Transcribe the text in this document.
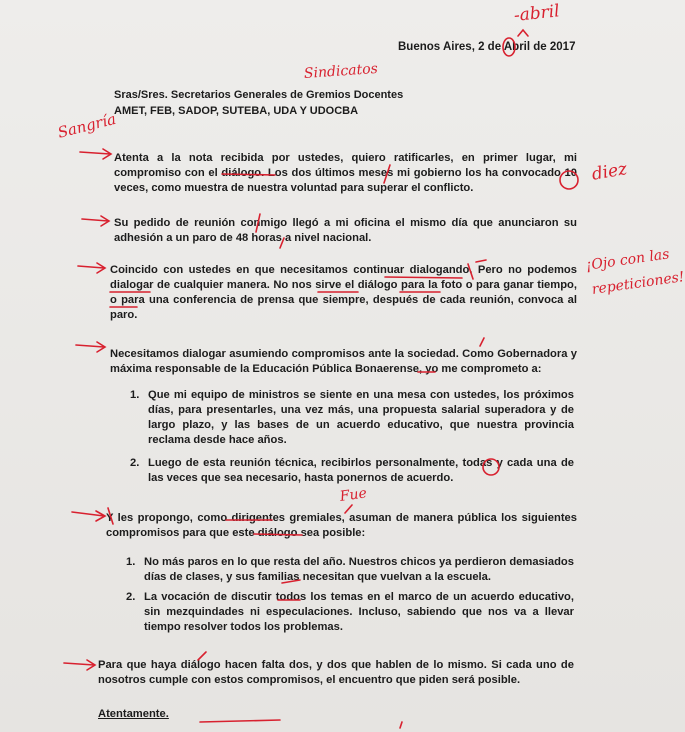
Buenos Aires, 2 de Abril de 2017
Sras/Sres. Secretarios Generales de Gremios Docentes
AMET, FEB, SADOP, SUTEBA, UDA Y UDOCBA
Atenta a la nota recibida por ustedes, quiero ratificarles, en primer lugar, mi compromiso con el diálogo. Los dos últimos meses mi gobierno los ha convocado 10 veces, como muestra de nuestra voluntad para superar el conflicto.
Su pedido de reunión conmigo llegó a mi oficina el mismo día que anunciaron su adhesión a un paro de 48 horas a nivel nacional.
Coincido con ustedes en que necesitamos continuar dialogando. Pero no podemos dialogar de cualquier manera. No nos sirve el diálogo para la foto o para ganar tiempo, o para una conferencia de prensa que siempre, después de cada reunión, convoca al paro.
Necesitamos dialogar asumiendo compromisos ante la sociedad. Como Gobernadora y máxima responsable de la Educación Pública Bonaerense, yo me comprometo a:
1. Que mi equipo de ministros se siente en una mesa con ustedes, los próximos días, para presentarles, una vez más, una propuesta salarial superadora y de largo plazo, y las bases de un acuerdo educativo, que nuestra provincia reclama desde hace años.
2. Luego de esta reunión técnica, recibirlos personalmente, todas y cada una de las veces que sea necesario, hasta ponernos de acuerdo.
Y les propongo, como dirigentes gremiales, asuman de manera pública los siguientes compromisos para que este diálogo sea posible:
1. No más paros en lo que resta del año. Nuestros chicos ya perdieron demasiados días de clases, y sus familias necesitan que vuelvan a la escuela.
2. La vocación de discutir todos los temas en el marco de un acuerdo educativo, sin mezquindades ni especulaciones. Incluso, sabiendo que nos va a llevar tiempo resolver todos los problemas.
Para que haya diálogo hacen falta dos, y dos que hablen de lo mismo. Si cada uno de nosotros cumple con estos compromisos, el encuentro que piden será posible.
Atentamente.
-abril
Sindicatos
Sangría
diez
¡Ojo con las
repeticiones!
Fue
